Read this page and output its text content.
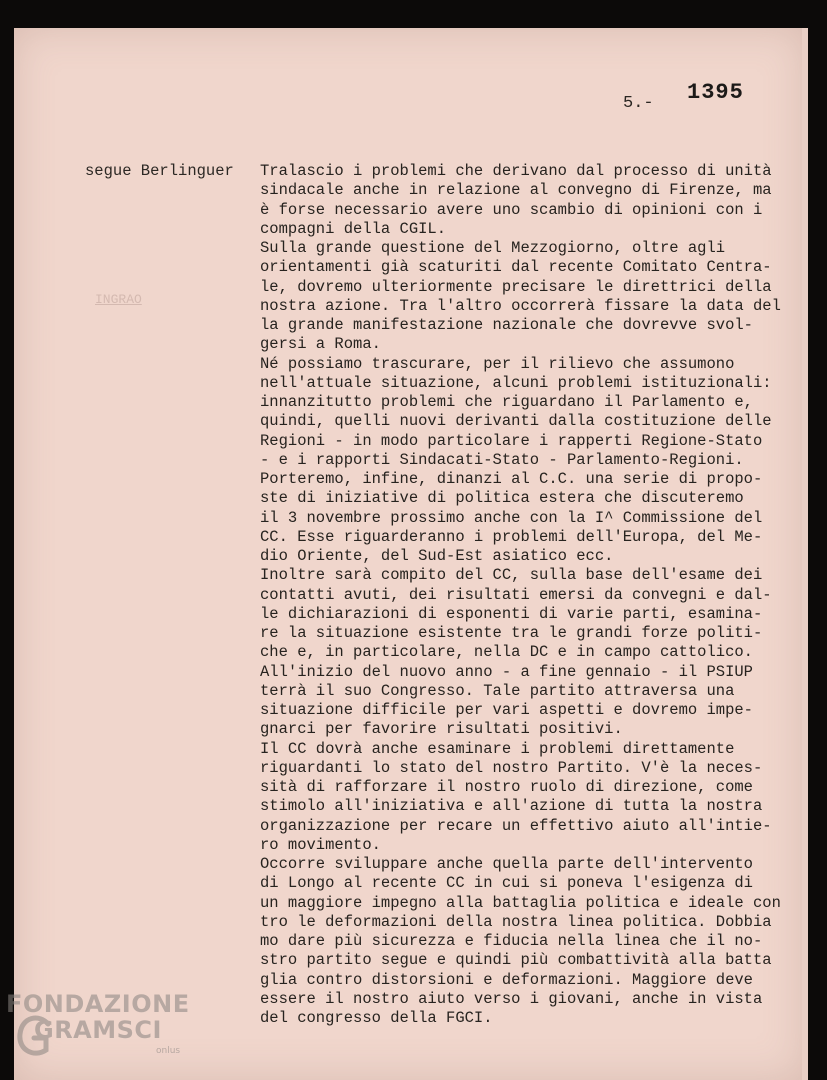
5.- 1395
segue Berlinguer
INGRAO
Tralascio i problemi che derivano dal processo di unità
sindacale anche in relazione al convegno di Firenze, ma
è forse necessario avere uno scambio di opinioni con i
compagni della CGIL.
Sulla grande questione del Mezzogiorno, oltre agli
orientamenti già scaturiti dal recente Comitato Centra-
le, dovremo ulteriormente precisare le direttrici della
nostra azione. Tra l'altro occorrerà fissare la data del
la grande manifestazione nazionale che dovrevve svol-
gersi a Roma.
Né possiamo trascurare, per il rilievo che assumono
nell'attuale situazione, alcuni problemi istituzionali:
innanzitutto problemi che riguardano il Parlamento e,
quindi, quelli nuovi derivanti dalla costituzione delle
Regioni - in modo particolare i rapperti Regione-Stato
- e i rapporti Sindacati-Stato - Parlamento-Regioni.
Porteremo, infine, dinanzi al C.C. una serie di propo-
ste di iniziative di politica estera che discuteremo
il 3 novembre prossimo anche con la I^ Commissione del
CC. Esse riguarderanno i problemi dell'Europa, del Me-
dio Oriente, del Sud-Est asiatico ecc.
Inoltre sarà compito del CC, sulla base dell'esame dei
contatti avuti, dei risultati emersi da convegni e dal-
le dichiarazioni di esponenti di varie parti, esamina-
re la situazione esistente tra le grandi forze politi-
che e, in particolare, nella DC e in campo cattolico.
All'inizio del nuovo anno - a fine gennaio - il PSIUP
terrà il suo Congresso. Tale partito attraversa una
situazione difficile per vari aspetti e dovremo impe-
gnarci per favorire risultati positivi.
Il CC dovrà anche esaminare i problemi direttamente
riguardanti lo stato del nostro Partito. V'è la neces-
sità di rafforzare il nostro ruolo di direzione, come
stimolo all'iniziativa e all'azione di tutta la nostra
organizzazione per recare un effettivo aiuto all'intie-
ro movimento.
Occorre sviluppare anche quella parte dell'intervento
di Longo al recente CC in cui si poneva l'esigenza di
un maggiore impegno alla battaglia politica e ideale con
tro le deformazioni della nostra linea politica. Dobbia
mo dare più sicurezza e fiducia nella linea che il no-
stro partito segue e quindi più combattività alla batta
glia contro distorsioni e deformazioni. Maggiore deve
essere il nostro aiuto verso i giovani, anche in vista
del congresso della FGCI.
FONDAZIONE
GRAMSCI
onlus
